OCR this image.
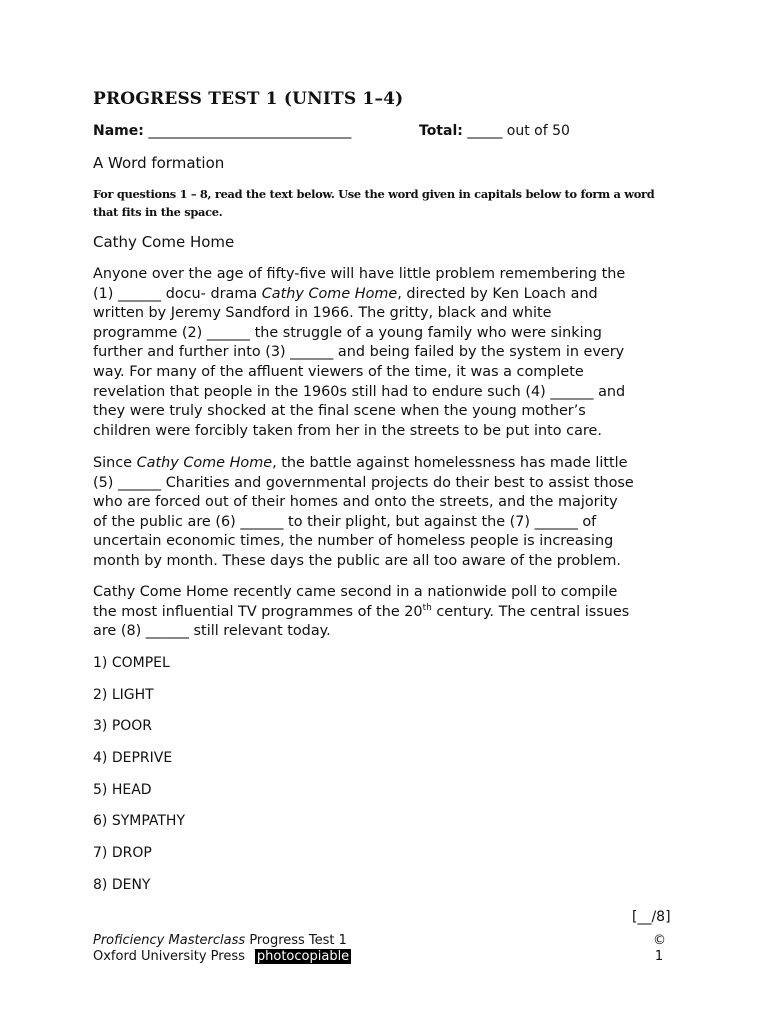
PROGRESS TEST 1 (UNITS 1–4)
Name: _____________________________	Total: _____ out of 50
A Word formation
For questions 1 – 8, read the text below. Use the word given in capitals below to form a word that fits in the space.
Cathy Come Home
Anyone over the age of fifty-five will have little problem remembering the
(1) ______ docu- drama Cathy Come Home, directed by Ken Loach and
written by Jeremy Sandford in 1966. The gritty, black and white
programme (2) ______ the struggle of a young family who were sinking
further and further into (3) ______ and being failed by the system in every
way. For many of the affluent viewers of the time, it was a complete
revelation that people in the 1960s still had to endure such (4) ______ and
they were truly shocked at the final scene when the young mother’s
children were forcibly taken from her in the streets to be put into care.
Since Cathy Come Home, the battle against homelessness has made little
(5) ______ Charities and governmental projects do their best to assist those
who are forced out of their homes and onto the streets, and the majority
of the public are (6) ______ to their plight, but against the (7) ______ of
uncertain economic times, the number of homeless people is increasing
month by month. These days the public are all too aware of the problem.
Cathy Come Home recently came second in a nationwide poll to compile
the most influential TV programmes of the 20th century. The central issues
are (8) ______ still relevant today.
1) COMPEL
2) LIGHT
3) POOR
4) DEPRIVE
5) HEAD
6) SYMPATHY
7) DROP
8) DENY
[__/8]
Proficiency Masterclass Progress Test 1
Oxford University Press photocopiable
©
1
